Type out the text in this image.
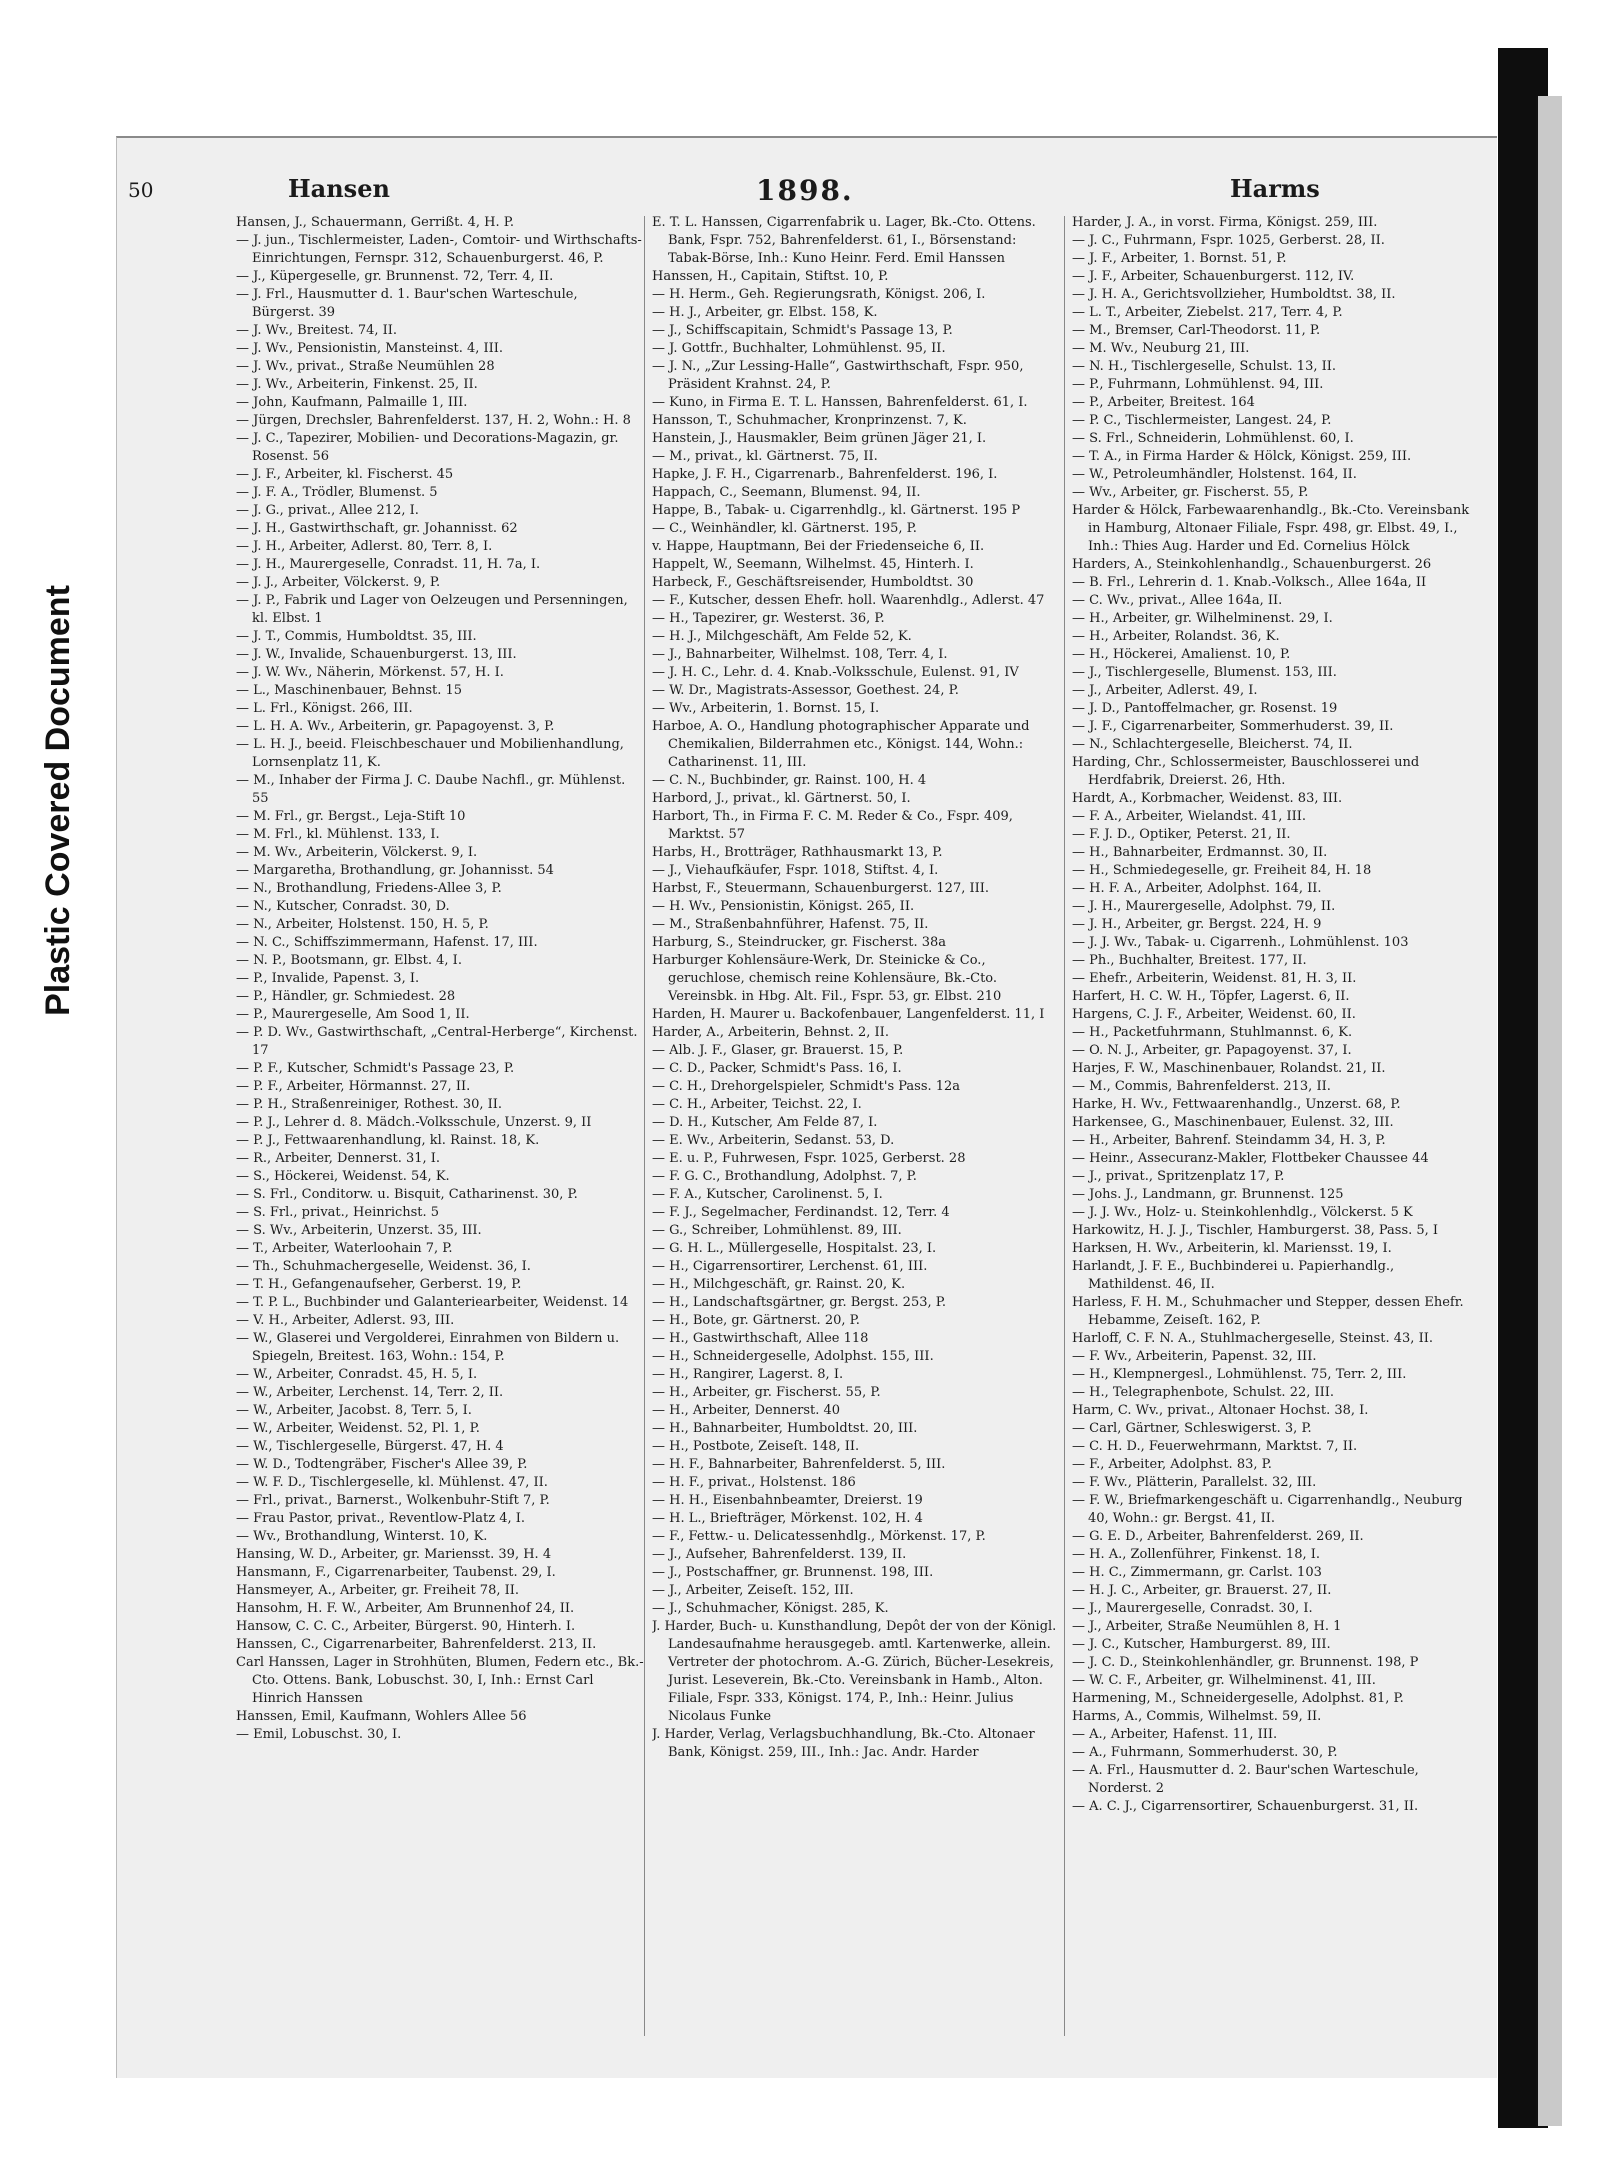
Plastic Covered Document
50	Hansen	1898.	Harms

Hansen, J., Schauermann, Gerrißt. 4, H. P.

— J. jun., Tischlermeister, Laden-, Comtoir- und Wirthschafts-Einrichtungen, Fernspr. 312, Schauenburgerst. 46, P.

— J., Küpergeselle, gr. Brunnenst. 72, Terr. 4, II.

— J. Frl., Hausmutter d. 1. Baur'schen Warteschule, Bürgerst. 39

— J. Wv., Breitest. 74, II.

— J. Wv., Pensionistin, Mansteinst. 4, III.

— J. Wv., privat., Straße Neumühlen 28

— J. Wv., Arbeiterin, Finkenst. 25, II.

— John, Kaufmann, Palmaille 1, III.

— Jürgen, Drechsler, Bahrenfelderst. 137, H. 2, Wohn.: H. 8

— J. C., Tapezirer, Mobilien- und Decorations-Magazin, gr. Rosenst. 56

— J. F., Arbeiter, kl. Fischerst. 45

— J. F. A., Trödler, Blumenst. 5

— J. G., privat., Allee 212, I.

— J. H., Gastwirthschaft, gr. Johannisst. 62

— J. H., Arbeiter, Adlerst. 80, Terr. 8, I.

— J. H., Maurergeselle, Conradst. 11, H. 7a, I.

— J. J., Arbeiter, Völckerst. 9, P.

— J. P., Fabrik und Lager von Oelzeugen und Persenningen, kl. Elbst. 1

— J. T., Commis, Humboldtst. 35, III.

— J. W., Invalide, Schauenburgerst. 13, III.

— J. W. Wv., Näherin, Mörkenst. 57, H. I.

— L., Maschinenbauer, Behnst. 15

— L. Frl., Königst. 266, III.

— L. H. A. Wv., Arbeiterin, gr. Papagoyenst. 3, P.

— L. H. J., beeid. Fleischbeschauer und Mobilienhandlung, Lornsenplatz 11, K.

— M., Inhaber der Firma J. C. Daube Nachfl., gr. Mühlenst. 55

— M. Frl., gr. Bergst., Leja-Stift 10

— M. Frl., kl. Mühlenst. 133, I.

— M. Wv., Arbeiterin, Völckerst. 9, I.

— Margaretha, Brothandlung, gr. Johannisst. 54

— N., Brothandlung, Friedens-Allee 3, P.

— N., Kutscher, Conradst. 30, D.

— N., Arbeiter, Holstenst. 150, H. 5, P.

— N. C., Schiffszimmermann, Hafenst. 17, III.

— N. P., Bootsmann, gr. Elbst. 4, I.

— P., Invalide, Papenst. 3, I.

— P., Händler, gr. Schmiedest. 28

— P., Maurergeselle, Am Sood 1, II.

— P. D. Wv., Gastwirthschaft, „Central-Herberge“, Kirchenst. 17

— P. F., Kutscher, Schmidt's Passage 23, P.

— P. F., Arbeiter, Hörmannst. 27, II.

— P. H., Straßenreiniger, Rothest. 30, II.

— P. J., Lehrer d. 8. Mädch.-Volksschule, Unzerst. 9, II

— P. J., Fettwaarenhandlung, kl. Rainst. 18, K.

— R., Arbeiter, Dennerst. 31, I.

— S., Höckerei, Weidenst. 54, K.

— S. Frl., Conditorw. u. Bisquit, Catharinenst. 30, P.

— S. Frl., privat., Heinrichst. 5

— S. Wv., Arbeiterin, Unzerst. 35, III.

— T., Arbeiter, Waterloohain 7, P.

— Th., Schuhmachergeselle, Weidenst. 36, I.

— T. H., Gefangenaufseher, Gerberst. 19, P.

— T. P. L., Buchbinder und Galanteriearbeiter, Weidenst. 14

— V. H., Arbeiter, Adlerst. 93, III.

— W., Glaserei und Vergolderei, Einrahmen von Bildern u. Spiegeln, Breitest. 163, Wohn.: 154, P.

— W., Arbeiter, Conradst. 45, H. 5, I.

— W., Arbeiter, Lerchenst. 14, Terr. 2, II.

— W., Arbeiter, Jacobst. 8, Terr. 5, I.

— W., Arbeiter, Weidenst. 52, Pl. 1, P.

— W., Tischlergeselle, Bürgerst. 47, H. 4

— W. D., Todtengräber, Fischer's Allee 39, P.

— W. F. D., Tischlergeselle, kl. Mühlenst. 47, II.

— Frl., privat., Barnerst., Wolkenbuhr-Stift 7, P.

— Frau Pastor, privat., Reventlow-Platz 4, I.

— Wv., Brothandlung, Winterst. 10, K.

Hansing, W. D., Arbeiter, gr. Mariensst. 39, H. 4

Hansmann, F., Cigarrenarbeiter, Taubenst. 29, I.

Hansmeyer, A., Arbeiter, gr. Freiheit 78, II.

Hansohm, H. F. W., Arbeiter, Am Brunnenhof 24, II.

Hansow, C. C. C., Arbeiter, Bürgerst. 90, Hinterh. I.

Hanssen, C., Cigarrenarbeiter, Bahrenfelderst. 213, II.

Carl Hanssen, Lager in Strohhüten, Blumen, Federn etc., Bk.-Cto. Ottens. Bank, Lobuschst. 30, I, Inh.: Ernst Carl Hinrich Hanssen

Hanssen, Emil, Kaufmann, Wohlers Allee 56

— Emil, Lobuschst. 30, I.

E. T. L. Hanssen, Cigarrenfabrik u. Lager, Bk.-Cto. Ottens. Bank, Fspr. 752, Bahrenfelderst. 61, I., Börsenstand: Tabak-Börse, Inh.: Kuno Heinr. Ferd. Emil Hanssen

Hanssen, H., Capitain, Stiftst. 10, P.

— H. Herm., Geh. Regierungsrath, Königst. 206, I.

— H. J., Arbeiter, gr. Elbst. 158, K.

— J., Schiffscapitain, Schmidt's Passage 13, P.

— J. Gottfr., Buchhalter, Lohmühlenst. 95, II.

— J. N., „Zur Lessing-Halle“, Gastwirthschaft, Fspr. 950, Präsident Krahnst. 24, P.

— Kuno, in Firma E. T. L. Hanssen, Bahrenfelderst. 61, I.

Hansson, T., Schuhmacher, Kronprinzenst. 7, K.

Hanstein, J., Hausmakler, Beim grünen Jäger 21, I.

— M., privat., kl. Gärtnerst. 75, II.

Hapke, J. F. H., Cigarrenarb., Bahrenfelderst. 196, I.

Happach, C., Seemann, Blumenst. 94, II.

Happe, B., Tabak- u. Cigarrenhdlg., kl. Gärtnerst. 195 P

— C., Weinhändler, kl. Gärtnerst. 195, P.

v. Happe, Hauptmann, Bei der Friedenseiche 6, II.

Happelt, W., Seemann, Wilhelmst. 45, Hinterh. I.

Harbeck, F., Geschäftsreisender, Humboldtst. 30

— F., Kutscher, dessen Ehefr. holl. Waarenhdlg., Adlerst. 47

— H., Tapezirer, gr. Westerst. 36, P.

— H. J., Milchgeschäft, Am Felde 52, K.

— J., Bahnarbeiter, Wilhelmst. 108, Terr. 4, I.

— J. H. C., Lehr. d. 4. Knab.-Volksschule, Eulenst. 91, IV

— W. Dr., Magistrats-Assessor, Goethest. 24, P.

— Wv., Arbeiterin, 1. Bornst. 15, I.

Harboe, A. O., Handlung photographischer Apparate und Chemikalien, Bilderrahmen etc., Königst. 144, Wohn.: Catharinenst. 11, III.

— C. N., Buchbinder, gr. Rainst. 100, H. 4

Harbord, J., privat., kl. Gärtnerst. 50, I.

Harbort, Th., in Firma F. C. M. Reder & Co., Fspr. 409, Marktst. 57

Harbs, H., Brotträger, Rathhausmarkt 13, P.

— J., Viehaufkäufer, Fspr. 1018, Stiftst. 4, I.

Harbst, F., Steuermann, Schauenburgerst. 127, III.

— H. Wv., Pensionistin, Königst. 265, II.

— M., Straßenbahnführer, Hafenst. 75, II.

Harburg, S., Steindrucker, gr. Fischerst. 38a

Harburger Kohlensäure-Werk, Dr. Steinicke & Co., geruchlose, chemisch reine Kohlensäure, Bk.-Cto. Vereinsbk. in Hbg. Alt. Fil., Fspr. 53, gr. Elbst. 210

Harden, H. Maurer u. Backofenbauer, Langenfelderst. 11, I

Harder, A., Arbeiterin, Behnst. 2, II.

— Alb. J. F., Glaser, gr. Brauerst. 15, P.

— C. D., Packer, Schmidt's Pass. 16, I.

— C. H., Drehorgelspieler, Schmidt's Pass. 12a

— C. H., Arbeiter, Teichst. 22, I.

— D. H., Kutscher, Am Felde 87, I.

— E. Wv., Arbeiterin, Sedanst. 53, D.

— E. u. P., Fuhrwesen, Fspr. 1025, Gerberst. 28

— F. G. C., Brothandlung, Adolphst. 7, P.

— F. A., Kutscher, Carolinenst. 5, I.

— F. J., Segelmacher, Ferdinandst. 12, Terr. 4

— G., Schreiber, Lohmühlenst. 89, III.

— G. H. L., Müllergeselle, Hospitalst. 23, I.

— H., Cigarrensortirer, Lerchenst. 61, III.

— H., Milchgeschäft, gr. Rainst. 20, K.

— H., Landschaftsgärtner, gr. Bergst. 253, P.

— H., Bote, gr. Gärtnerst. 20, P.

— H., Gastwirthschaft, Allee 118

— H., Schneidergeselle, Adolphst. 155, III.

— H., Rangirer, Lagerst. 8, I.

— H., Arbeiter, gr. Fischerst. 55, P.

— H., Arbeiter, Dennerst. 40

— H., Bahnarbeiter, Humboldtst. 20, III.

— H., Postbote, Zeiseſt. 148, II.

— H. F., Bahnarbeiter, Bahrenfelderst. 5, III.

— H. F., privat., Holstenst. 186

— H. H., Eisenbahnbeamter, Dreierst. 19

— H. L., Briefträger, Mörkenst. 102, H. 4

— F., Fettw.- u. Delicatessenhdlg., Mörkenst. 17, P.

— J., Aufseher, Bahrenfelderst. 139, II.

— J., Postschaffner, gr. Brunnenst. 198, III.

— J., Arbeiter, Zeiseſt. 152, III.

— J., Schuhmacher, Königst. 285, K.

J. Harder, Buch- u. Kunsthandlung, Depôt der von der Königl. Landesaufnahme herausgegeb. amtl. Kartenwerke, allein. Vertreter der photochrom. A.-G. Zürich, Bücher-Lesekreis, Jurist. Leseverein, Bk.-Cto. Vereinsbank in Hamb., Alton. Filiale, Fspr. 333, Königst. 174, P., Inh.: Heinr. Julius Nicolaus Funke

J. Harder, Verlag, Verlagsbuchhandlung, Bk.-Cto. Altonaer Bank, Königst. 259, III., Inh.: Jac. Andr. Harder

Harder, J. A., in vorst. Firma, Königst. 259, III.

— J. C., Fuhrmann, Fspr. 1025, Gerberst. 28, II.

— J. F., Arbeiter, 1. Bornst. 51, P.

— J. F., Arbeiter, Schauenburgerst. 112, IV.

— J. H. A., Gerichtsvollzieher, Humboldtst. 38, II.

— L. T., Arbeiter, Ziebelst. 217, Terr. 4, P.

— M., Bremser, Carl-Theodorst. 11, P.

— M. Wv., Neuburg 21, III.

— N. H., Tischlergeselle, Schulst. 13, II.

— P., Fuhrmann, Lohmühlenst. 94, III.

— P., Arbeiter, Breitest. 164

— P. C., Tischlermeister, Langest. 24, P.

— S. Frl., Schneiderin, Lohmühlenst. 60, I.

— T. A., in Firma Harder & Hölck, Königst. 259, III.

— W., Petroleumhändler, Holstenst. 164, II.

— Wv., Arbeiter, gr. Fischerst. 55, P.

Harder & Hölck, Farbewaarenhandlg., Bk.-Cto. Vereinsbank in Hamburg, Altonaer Filiale, Fspr. 498, gr. Elbst. 49, I., Inh.: Thies Aug. Harder und Ed. Cornelius Hölck

Harders, A., Steinkohlenhandlg., Schauenburgerst. 26

— B. Frl., Lehrerin d. 1. Knab.-Volksch., Allee 164a, II

— C. Wv., privat., Allee 164a, II.

— H., Arbeiter, gr. Wilhelminenst. 29, I.

— H., Arbeiter, Rolandst. 36, K.

— H., Höckerei, Amalienst. 10, P.

— J., Tischlergeselle, Blumenst. 153, III.

— J., Arbeiter, Adlerst. 49, I.

— J. D., Pantoffelmacher, gr. Rosenst. 19

— J. F., Cigarrenarbeiter, Sommerhuderst. 39, II.

— N., Schlachtergeselle, Bleicherst. 74, II.

Harding, Chr., Schlossermeister, Bauschlosserei und Herdfabrik, Dreierst. 26, Hth.

Hardt, A., Korbmacher, Weidenst. 83, III.

— F. A., Arbeiter, Wielandst. 41, III.

— F. J. D., Optiker, Peterst. 21, II.

— H., Bahnarbeiter, Erdmannst. 30, II.

— H., Schmiedegeselle, gr. Freiheit 84, H. 18

— H. F. A., Arbeiter, Adolphst. 164, II.

— J. H., Maurergeselle, Adolphst. 79, II.

— J. H., Arbeiter, gr. Bergst. 224, H. 9

— J. J. Wv., Tabak- u. Cigarrenh., Lohmühlenst. 103

— Ph., Buchhalter, Breitest. 177, II.

— Ehefr., Arbeiterin, Weidenst. 81, H. 3, II.

Harfert, H. C. W. H., Töpfer, Lagerst. 6, II.

Hargens, C. J. F., Arbeiter, Weidenst. 60, II.

— H., Packetfuhrmann, Stuhlmannst. 6, K.

— O. N. J., Arbeiter, gr. Papagoyenst. 37, I.

Harjes, F. W., Maschinenbauer, Rolandst. 21, II.

— M., Commis, Bahrenfelderst. 213, II.

Harke, H. Wv., Fettwaarenhandlg., Unzerst. 68, P.

Harkensee, G., Maschinenbauer, Eulenst. 32, III.

— H., Arbeiter, Bahrenf. Steindamm 34, H. 3, P.

— Heinr., Assecuranz-Makler, Flottbeker Chaussee 44

— J., privat., Spritzenplatz 17, P.

— Johs. J., Landmann, gr. Brunnenst. 125

— J. J. Wv., Holz- u. Steinkohlenhdlg., Völckerst. 5 K

Harkowitz, H. J. J., Tischler, Hamburgerst. 38, Pass. 5, I

Harksen, H. Wv., Arbeiterin, kl. Mariensst. 19, I.

Harlandt, J. F. E., Buchbinderei u. Papierhandlg., Mathildenst. 46, II.

Harless, F. H. M., Schuhmacher und Stepper, dessen Ehefr. Hebamme, Zeiseſt. 162, P.

Harloff, C. F. N. A., Stuhlmachergeselle, Steinst. 43, II.

— F. Wv., Arbeiterin, Papenst. 32, III.

— H., Klempnergesl., Lohmühlenst. 75, Terr. 2, III.

— H., Telegraphenbote, Schulst. 22, III.

Harm, C. Wv., privat., Altonaer Hochst. 38, I.

— Carl, Gärtner, Schleswigerst. 3, P.

— C. H. D., Feuerwehrmann, Marktst. 7, II.

— F., Arbeiter, Adolphst. 83, P.

— F. Wv., Plätterin, Parallelst. 32, III.

— F. W., Briefmarkengeschäft u. Cigarrenhandlg., Neuburg 40, Wohn.: gr. Bergst. 41, II.

— G. E. D., Arbeiter, Bahrenfelderst. 269, II.

— H. A., Zollenführer, Finkenst. 18, I.

— H. C., Zimmermann, gr. Carlst. 103

— H. J. C., Arbeiter, gr. Brauerst. 27, II.

— J., Maurergeselle, Conradst. 30, I.

— J., Arbeiter, Straße Neumühlen 8, H. 1

— J. C., Kutscher, Hamburgerst. 89, III.

— J. C. D., Steinkohlenhändler, gr. Brunnenst. 198, P

— W. C. F., Arbeiter, gr. Wilhelminenst. 41, III.

Harmening, M., Schneidergeselle, Adolphst. 81, P.

Harms, A., Commis, Wilhelmst. 59, II.

— A., Arbeiter, Hafenst. 11, III.

— A., Fuhrmann, Sommerhuderst. 30, P.

— A. Frl., Hausmutter d. 2. Baur'schen Warteschule, Norderst. 2

— A. C. J., Cigarrensortirer, Schauenburgerst. 31, II.
